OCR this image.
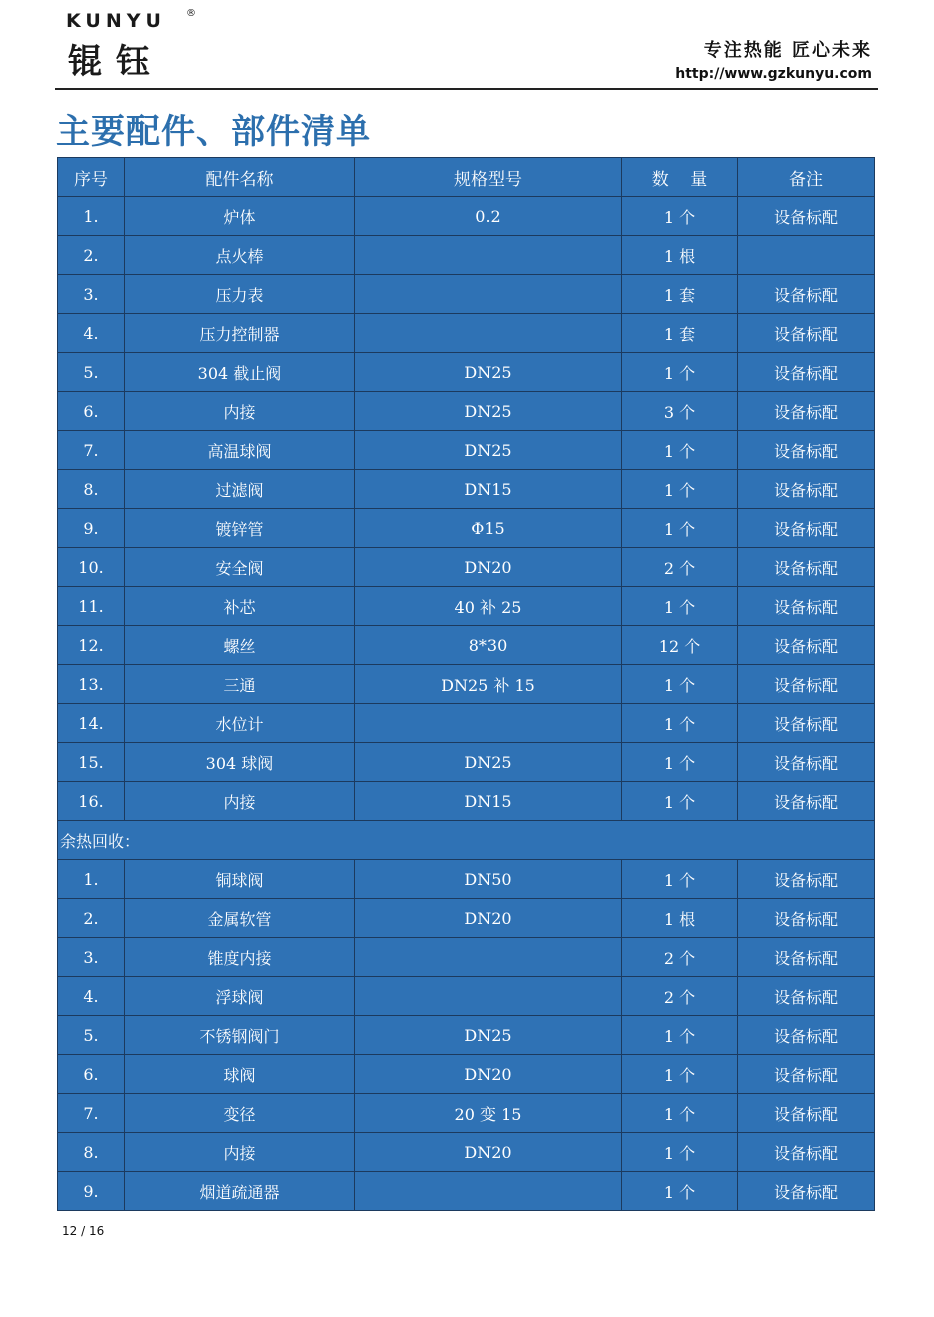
KUNYU ®
锟钰	专注热能 匠心未来
http://www.gzkunyu.com
主要配件、部件清单
序号	配件名称	规格型号	数    量	备注
1.	炉体	0.2	1 个	设备标配
2.	点火棒		1 根	
3.	压力表		1 套	设备标配
4.	压力控制器		1 套	设备标配
5.	304 截止阀	DN25	1 个	设备标配
6.	内接	DN25	3 个	设备标配
7.	高温球阀	DN25	1 个	设备标配
8.	过滤阀	DN15	1 个	设备标配
9.	镀锌管	Φ15	1 个	设备标配
10.	安全阀	DN20	2 个	设备标配
11.	补芯	40 补 25	1 个	设备标配
12.	螺丝	8*30	12 个	设备标配
13.	三通	DN25 补 15	1 个	设备标配
14.	水位计		1 个	设备标配
15.	304 球阀	DN25	1 个	设备标配
16.	内接	DN15	1 个	设备标配
余热回收：				
1.	铜球阀	DN50	1 个	设备标配
2.	金属软管	DN20	1 根	设备标配
3.	锥度内接		2 个	设备标配
4.	浮球阀		2 个	设备标配
5.	不锈钢阀门	DN25	1 个	设备标配
6.	球阀	DN20	1 个	设备标配
7.	变径	20 变 15	1 个	设备标配
8.	内接	DN20	1 个	设备标配
9.	烟道疏通器		1 个	设备标配
12 / 16
